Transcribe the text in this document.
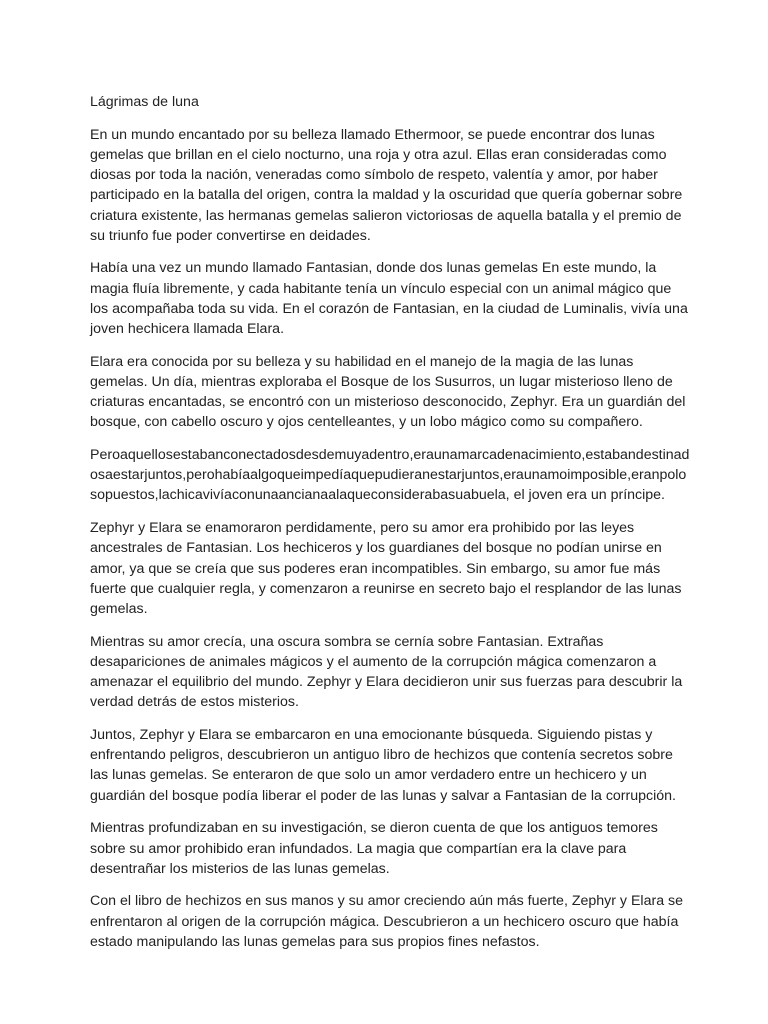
Lágrimas de luna

En un mundo encantado por su belleza llamado Ethermoor, se puede encontrar dos lunas gemelas que brillan en el cielo nocturno, una roja y otra azul. Ellas eran consideradas como diosas por toda la nación, veneradas como símbolo de respeto, valentía y amor, por haber participado en la batalla del origen, contra la maldad y la oscuridad que quería gobernar sobre criatura existente, las hermanas gemelas salieron victoriosas de aquella batalla y el premio de su triunfo fue poder convertirse en deidades.

Había una vez un mundo llamado Fantasian, donde dos lunas gemelas En este mundo, la magia fluía libremente, y cada habitante tenía un vínculo especial con un animal mágico que los acompañaba toda su vida. En el corazón de Fantasian, en la ciudad de Luminalis, vivía una joven hechicera llamada Elara.

Elara era conocida por su belleza y su habilidad en el manejo de la magia de las lunas gemelas. Un día, mientras exploraba el Bosque de los Susurros, un lugar misterioso lleno de criaturas encantadas, se encontró con un misterioso desconocido, Zephyr. Era un guardián del bosque, con cabello oscuro y ojos centelleantes, y un lobo mágico como su compañero.

Peroaquellosestabanconectadosdesdemuyadentro,eraunamarcadenacimiento,estabandestinadosaestarjuntos,perohabíaalgoqueimpedíaquepudieranestarjuntos,eraunamoimposible,eranpolosopuestos,lachicavivíaconunaancianaalaqueconsiderabasuabuela, el joven era un príncipe.

Zephyr y Elara se enamoraron perdidamente, pero su amor era prohibido por las leyes ancestrales de Fantasian. Los hechiceros y los guardianes del bosque no podían unirse en amor, ya que se creía que sus poderes eran incompatibles. Sin embargo, su amor fue más fuerte que cualquier regla, y comenzaron a reunirse en secreto bajo el resplandor de las lunas gemelas.

Mientras su amor crecía, una oscura sombra se cernía sobre Fantasian. Extrañas desapariciones de animales mágicos y el aumento de la corrupción mágica comenzaron a amenazar el equilibrio del mundo. Zephyr y Elara decidieron unir sus fuerzas para descubrir la verdad detrás de estos misterios.

Juntos, Zephyr y Elara se embarcaron en una emocionante búsqueda. Siguiendo pistas y enfrentando peligros, descubrieron un antiguo libro de hechizos que contenía secretos sobre las lunas gemelas. Se enteraron de que solo un amor verdadero entre un hechicero y un guardián del bosque podía liberar el poder de las lunas y salvar a Fantasian de la corrupción.

Mientras profundizaban en su investigación, se dieron cuenta de que los antiguos temores sobre su amor prohibido eran infundados. La magia que compartían era la clave para desentrañar los misterios de las lunas gemelas.

Con el libro de hechizos en sus manos y su amor creciendo aún más fuerte, Zephyr y Elara se enfrentaron al origen de la corrupción mágica. Descubrieron a un hechicero oscuro que había estado manipulando las lunas gemelas para sus propios fines nefastos.
